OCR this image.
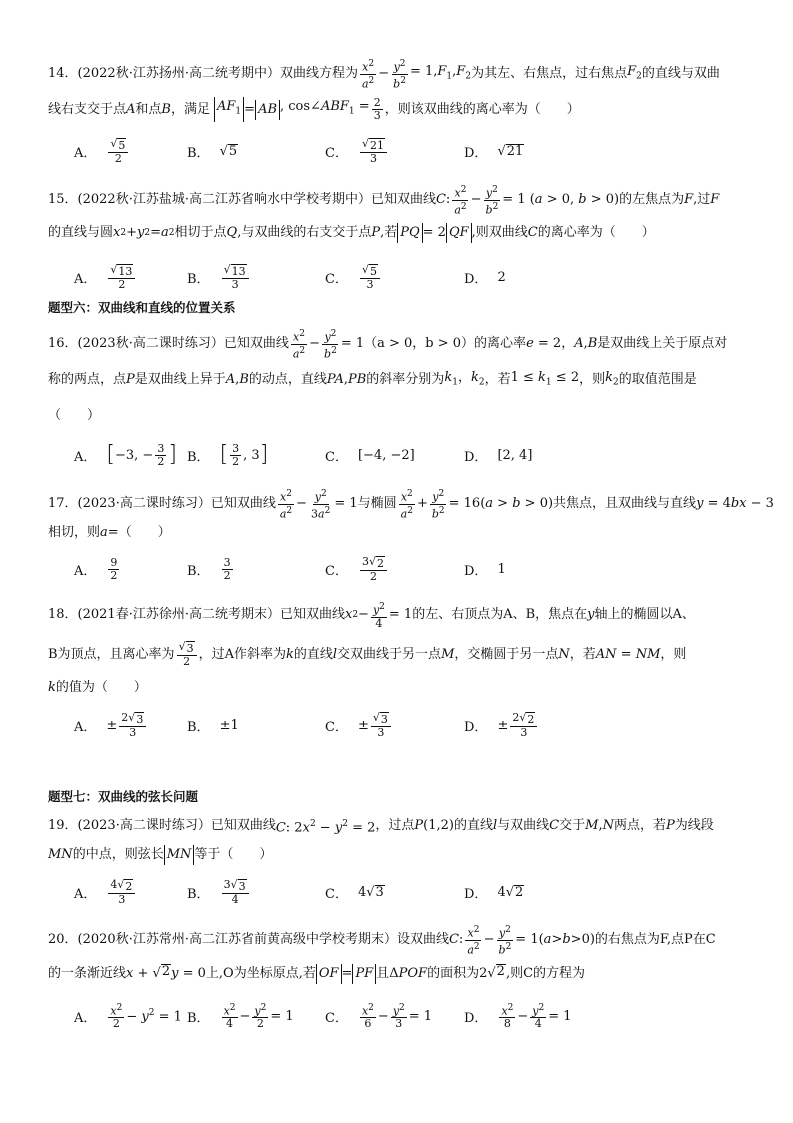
14．(2022秋·江苏扬州·高二统考期中）双曲线方程为 $\frac{x^2}{a^2} - \frac{y^2}{b^2} = 1,F_1,F_2$ 为其左、右焦点，过右焦点 $F_2$ 的直线与双曲
线右支交于点 A 和点 B ，满足 $AF_1$ = AB , $\cos\angle ABF_1 = \frac{2}{3}$ ，则该双曲线的离心率为（　　）
A． $\frac{√ 5}{2}$	B． √ 5	C． $\frac{√ 21}{3}$	D． √ 21
15．(2022秋·江苏盐城·高二江苏省响水中学校考期中）已知双曲线 C : $\frac{x^2}{a^2} - \frac{y^2}{b^2} = 1$ (a > 0, b > 0) 的左焦点为 F , 过 F
的直线与圆 x 2 + y 2 = a 2 相切于点 Q , 与双曲线的右支交于点 P , 若 PQ = 2 QF , 则双曲线 C 的离心率为（　　）
A． $\frac{√ 13}{2}$	B． $\frac{√ 13}{3}$	C． $\frac{√ 5}{3}$	D． 2
题型六：双曲线和直线的位置关系
16．(2023秋·高二课时练习）已知双曲线 $\frac{x^2}{a^2} - \frac{y^2}{b^2} = 1$ （a > 0，b > 0）的离心率 e = 2，A,B 是双曲线上关于原点对
称的两点，点 P 是双曲线上异于 A,B 的动点，直线 PA,PB 的斜率分别为 $k_1$，$k_2$ ，若 $1 \le k_1 \le 2$ ，则 $k_2$ 的取值范围是
（　　）
A． [ −3, − $\frac{3}{2}$ ] B． [ $\frac{3}{2}$ , 3 ]	C． [−4, −2]	D． [2, 4]
17．(2023·高二课时练习）已知双曲线 $\frac{x^2}{a^2} - \frac{y^2}{3a^2} = 1$ 与椭圆 $\frac{x^2}{a^2} + \frac{y^2}{b^2} = 16(a > b > 0)$ 共焦点，且双曲线与直线 y = 4bx − 3
相切，则 a = （　　）
A． $\frac{9}{2}$	B． $\frac{3}{2}$	C． $\frac{3√ 2}{2}$	D． 1
18．(2021春·江苏徐州·高二统考期末）已知双曲线 x $2 - \frac{y^2}{4} = 1$ 的左、右顶点为A、B，焦点在 y 轴上的椭圆以A、
B为顶点，且离心率为 $\frac{√ 3}{2}$ ，过A作斜率为 k 的直线 l 交双曲线于另一点 M ，交椭圆于另一点 N ，若 AN = NM ，则
k 的值为（　　）
A． ± $\frac{2√ 3}{3}$	B． ±1	C． ± $\frac{√ 3}{3}$	D． ± $\frac{2√ 2}{3}$
题型七：双曲线的弦长问题
19．(2023·高二课时练习）已知双曲线 C: $2x^2 - y^2 = 2$ ，过点 P(1,2) 的直线 l 与双曲线 C 交于 M,N 两点，若 P 为线段
MN 的中点，则弦长 MN 等于（　　）
A． $\frac{4√ 2}{3}$	B． $\frac{3√ 3}{4}$	C． 4√ 3	D． 4√ 2
20．(2020秋·江苏常州·高二江苏省前黄高级中学校考期末）设双曲线 C : $\frac{x^2}{a^2} - \frac{y^2}{b^2} = 1(a>b>0)$ 的右焦点为F,点P在C
的一条渐近线 x + √ 2 y = 0 上,O为坐标原点,若 OF = PF 且 ΔPOF 的面积为 2√ 2 , 则C的方程为
A． $\frac{x^2}{2} - y^2 = 1$ B． $\frac{x^2}{4} - \frac{y^2}{2} = 1$ C． $\frac{x^2}{6} - \frac{y^2}{3} = 1$ D． $\frac{x^2}{8} - \frac{y^2}{4} = 1$
